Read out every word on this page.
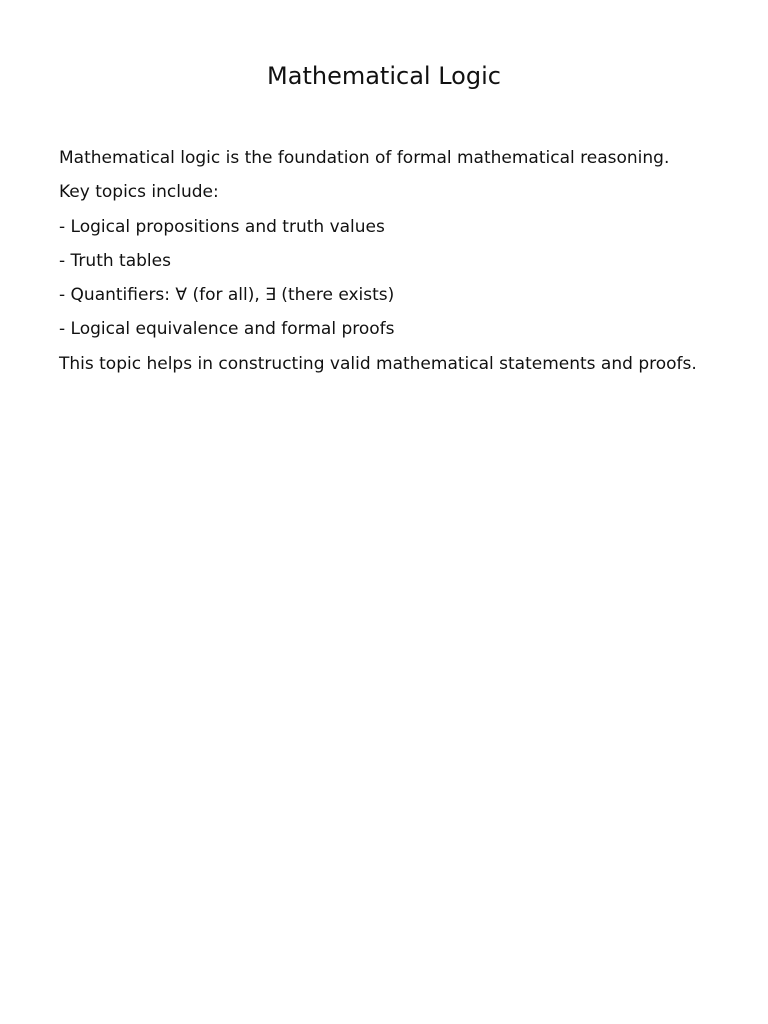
Mathematical Logic

Mathematical logic is the foundation of formal mathematical reasoning.

Key topics include:

- Logical propositions and truth values

- Truth tables

- Quantifiers: ∀ (for all), ∃ (there exists)

- Logical equivalence and formal proofs

This topic helps in constructing valid mathematical statements and proofs.
